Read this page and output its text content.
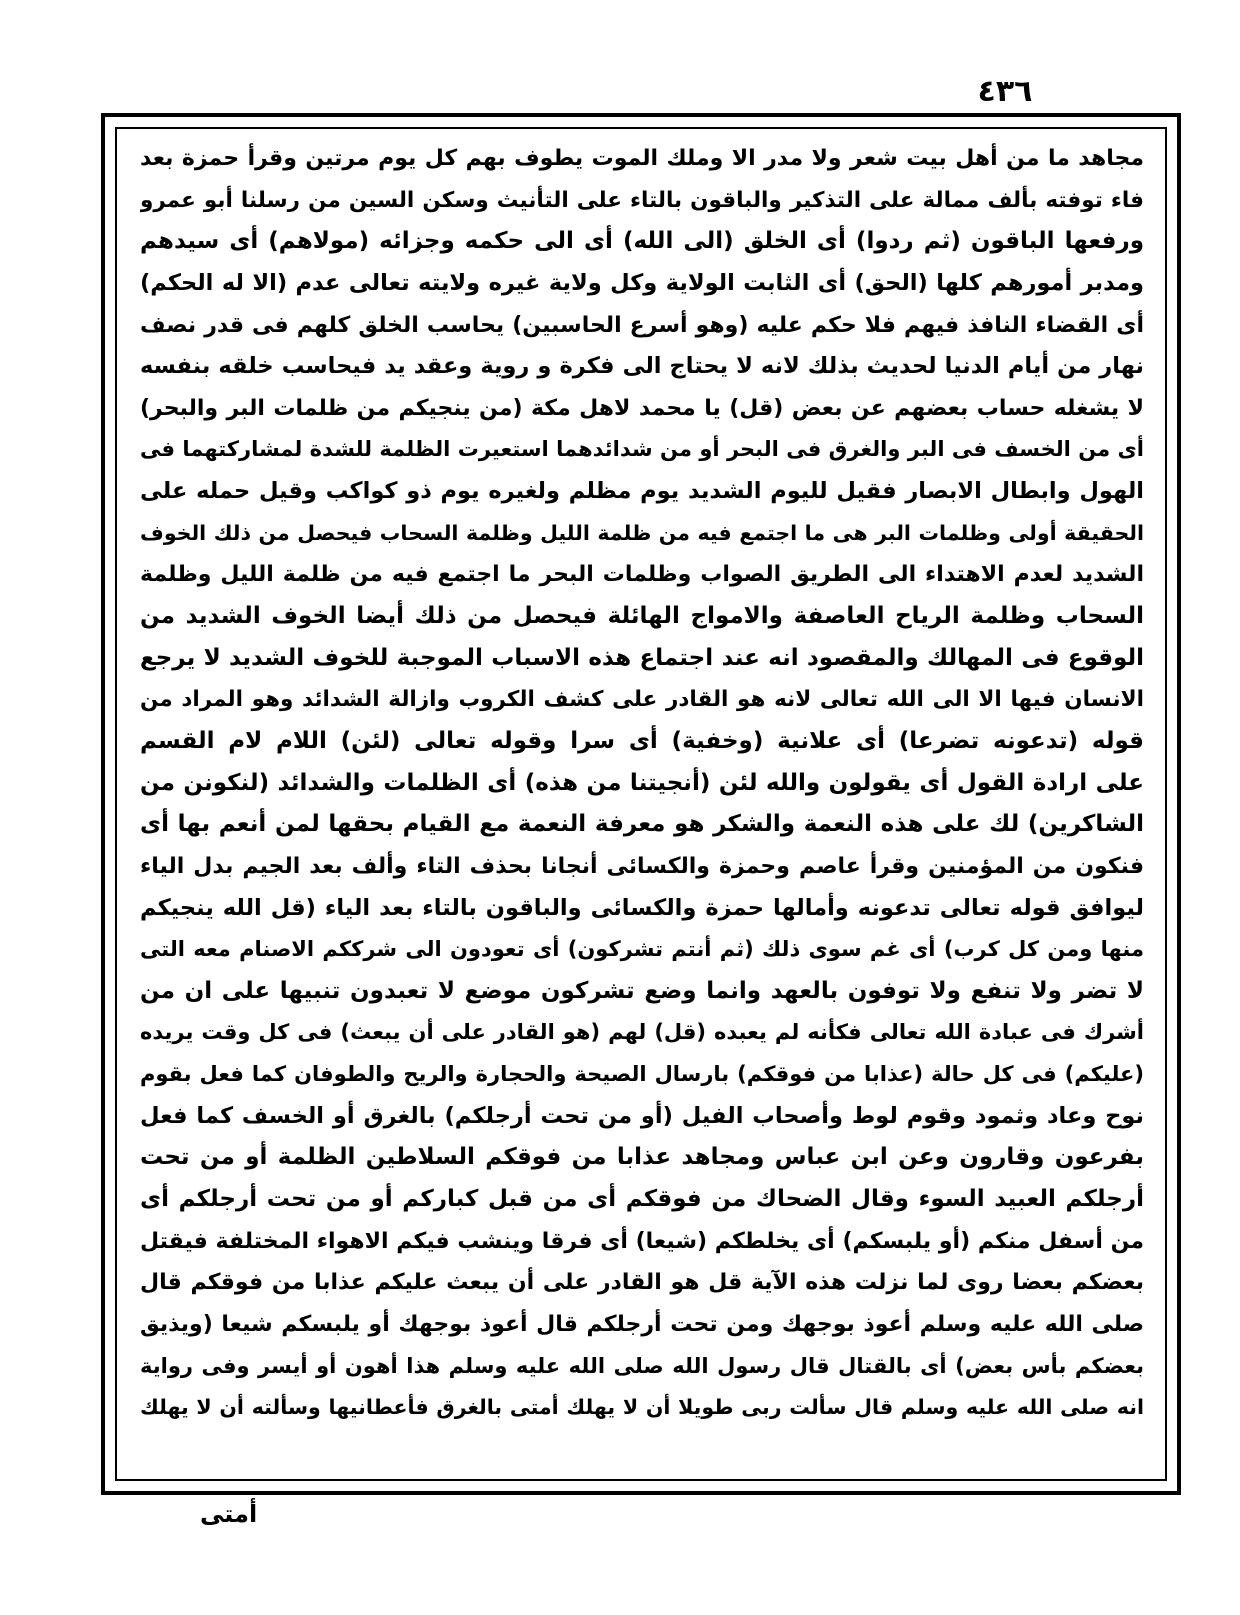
٤٣٦
مجاهد ما من أهل بيت شعر ولا مدر الا وملك الموت يطوف بهم كل يوم مرتين وقرأ حمزة بعد
فاء توفته بألف ممالة على التذكير والباقون بالتاء على التأنيث وسكن السين من رسلنا أبو عمرو
ورفعها الباقون (ثم ردوا) أى الخلق (الى الله) أى الى حكمه وجزائه (مولاهم) أى سيدهم
ومدبر أمورهم كلها (الحق) أى الثابت الولاية وكل ولاية غيره ولايته تعالى عدم (الا له الحكم)
أى القضاء النافذ فيهم فلا حكم عليه (وهو أسرع الحاسبين) يحاسب الخلق كلهم فى قدر نصف
نهار من أيام الدنيا لحديث بذلك لانه لا يحتاج الى فكرة و روية وعقد يد فيحاسب خلقه بنفسه
لا يشغله حساب بعضهم عن بعض (قل) يا محمد لاهل مكة (من ينجيكم من ظلمات البر والبحر)
أى من الخسف فى البر والغرق فى البحر أو من شدائدهما استعيرت الظلمة للشدة لمشاركتهما فى
الهول وابطال الابصار فقيل لليوم الشديد يوم مظلم ولغيره يوم ذو كواكب وقيل حمله على
الحقيقة أولى وظلمات البر هى ما اجتمع فيه من ظلمة الليل وظلمة السحاب فيحصل من ذلك الخوف
الشديد لعدم الاهتداء الى الطريق الصواب وظلمات البحر ما اجتمع فيه من ظلمة الليل وظلمة
السحاب وظلمة الرياح العاصفة والامواج الهائلة فيحصل من ذلك أيضا الخوف الشديد من
الوقوع فى المهالك والمقصود انه عند اجتماع هذه الاسباب الموجبة للخوف الشديد لا يرجع
الانسان فيها الا الى الله تعالى لانه هو القادر على كشف الكروب وازالة الشدائد وهو المراد من
قوله (تدعونه تضرعا) أى علانية (وخفية) أى سرا وقوله تعالى (لئن) اللام لام القسم
على ارادة القول أى يقولون والله لئن (أنجيتنا من هذه) أى الظلمات والشدائد (لنكونن من
الشاكرين) لك على هذه النعمة والشكر هو معرفة النعمة مع القيام بحقها لمن أنعم بها أى
فنكون من المؤمنين وقرأ عاصم وحمزة والكسائى أنجانا بحذف التاء وألف بعد الجيم بدل الياء
ليوافق قوله تعالى تدعونه وأمالها حمزة والكسائى والباقون بالتاء بعد الياء (قل الله ينجيكم
منها ومن كل كرب) أى غم سوى ذلك (ثم أنتم تشركون) أى تعودون الى شرككم الاصنام معه التى
لا تضر ولا تنفع ولا توفون بالعهد وانما وضع تشركون موضع لا تعبدون تنبيها على ان من
أشرك فى عبادة الله تعالى فكأنه لم يعبده (قل) لهم (هو القادر على أن يبعث) فى كل وقت يريده
(عليكم) فى كل حالة (عذابا من فوقكم) بارسال الصيحة والحجارة والريح والطوفان كما فعل بقوم
نوح وعاد وثمود وقوم لوط وأصحاب الفيل (أو من تحت أرجلكم) بالغرق أو الخسف كما فعل
بفرعون وقارون وعن ابن عباس ومجاهد عذابا من فوقكم السلاطين الظلمة أو من تحت
أرجلكم العبيد السوء وقال الضحاك من فوقكم أى من قبل كباركم أو من تحت أرجلكم أى
من أسفل منكم (أو يلبسكم) أى يخلطكم (شيعا) أى فرقا وينشب فيكم الاهواء المختلفة فيقتل
بعضكم بعضا روى لما نزلت هذه الآية قل هو القادر على أن يبعث عليكم عذابا من فوقكم قال
صلى الله عليه وسلم أعوذ بوجهك ومن تحت أرجلكم قال أعوذ بوجهك أو يلبسكم شيعا (ويذيق
بعضكم بأس بعض) أى بالقتال قال رسول الله صلى الله عليه وسلم هذا أهون أو أيسر وفى رواية
انه صلى الله عليه وسلم قال سألت ربى طويلا أن لا يهلك أمتى بالغرق فأعطانيها وسألته أن لا يهلك
أمتى
